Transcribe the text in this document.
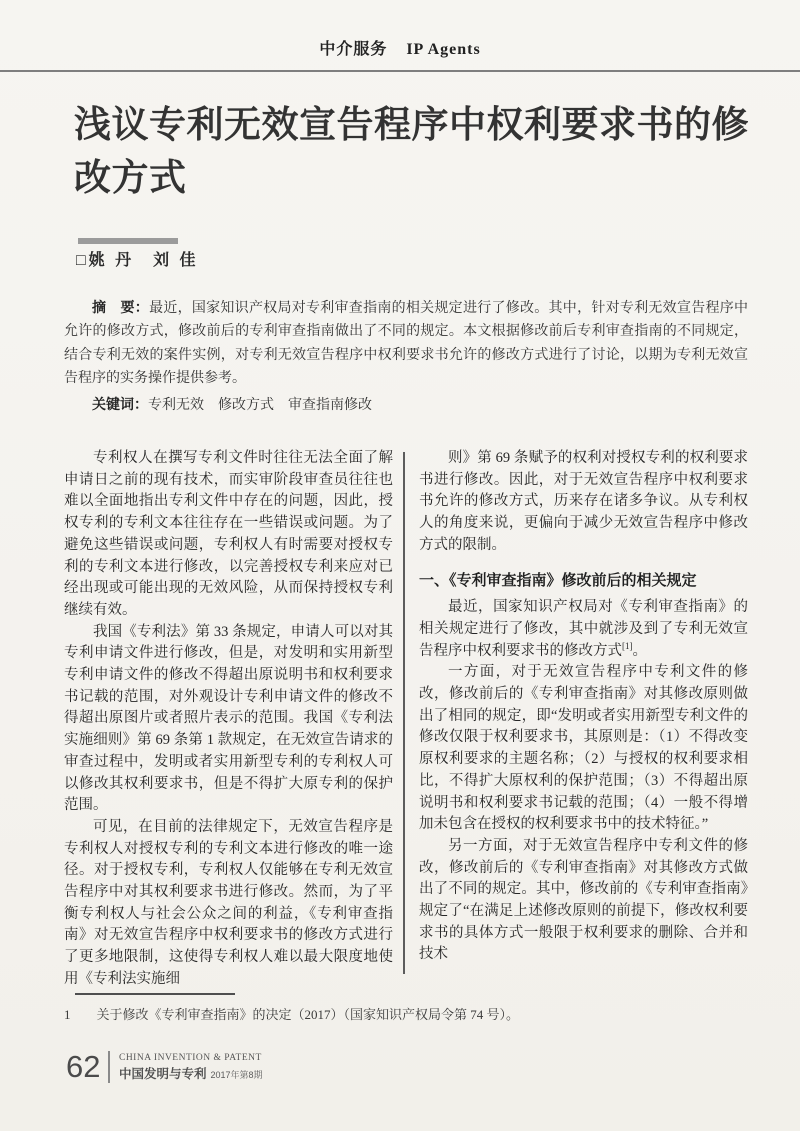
中介服务 IP Agents
浅议专利无效宣告程序中权利要求书的修改方式
□姚 丹　刘 佳

摘　要：最近，国家知识产权局对专利审查指南的相关规定进行了修改。其中，针对专利无效宣告程序中允许的修改方式，修改前后的专利审查指南做出了不同的规定。本文根据修改前后专利审查指南的不同规定，结合专利无效的案件实例，对专利无效宣告程序中权利要求书允许的修改方式进行了讨论，以期为专利无效宣告程序的实务操作提供参考。

关键词：专利无效　修改方式　审查指南修改

专利权人在撰写专利文件时往往无法全面了解申请日之前的现有技术，而实审阶段审查员往往也难以全面地指出专利文件中存在的问题，因此，授权专利的专利文本往往存在一些错误或问题。为了避免这些错误或问题，专利权人有时需要对授权专利的专利文本进行修改，以完善授权专利来应对已经出现或可能出现的无效风险，从而保持授权专利继续有效。

我国《专利法》第 33 条规定，申请人可以对其专利申请文件进行修改，但是，对发明和实用新型专利申请文件的修改不得超出原说明书和权利要求书记载的范围，对外观设计专利申请文件的修改不得超出原图片或者照片表示的范围。我国《专利法实施细则》第 69 条第 1 款规定，在无效宣告请求的审查过程中，发明或者实用新型专利的专利权人可以修改其权利要求书，但是不得扩大原专利的保护范围。

可见，在目前的法律规定下，无效宣告程序是专利权人对授权专利的专利文本进行修改的唯一途径。对于授权专利，专利权人仅能够在专利无效宣告程序中对其权利要求书进行修改。然而，为了平衡专利权人与社会公众之间的利益，《专利审查指南》对无效宣告程序中权利要求书的修改方式进行了更多地限制，这使得专利权人难以最大限度地使用《专利法实施细

则》第 69 条赋予的权利对授权专利的权利要求书进行修改。因此，对于无效宣告程序中权利要求书允许的修改方式，历来存在诸多争议。从专利权人的角度来说，更偏向于减少无效宣告程序中修改方式的限制。

一、《专利审查指南》修改前后的相关规定

最近，国家知识产权局对《专利审查指南》的相关规定进行了修改，其中就涉及到了专利无效宣告程序中权利要求书的修改方式[1]。

一方面，对于无效宣告程序中专利文件的修改，修改前后的《专利审查指南》对其修改原则做出了相同的规定，即“发明或者实用新型专利文件的修改仅限于权利要求书，其原则是：（1）不得改变原权利要求的主题名称；（2）与授权的权利要求相比，不得扩大原权利的保护范围；（3）不得超出原说明书和权利要求书记载的范围；（4）一般不得增加未包含在授权的权利要求书中的技术特征。”

另一方面，对于无效宣告程序中专利文件的修改，修改前后的《专利审查指南》对其修改方式做出了不同的规定。其中，修改前的《专利审查指南》规定了“在满足上述修改原则的前提下，修改权利要求书的具体方式一般限于权利要求的删除、合并和技术

1 关于修改《专利审查指南》的决定（2017）（国家知识产权局令第 74 号）。
62 CHINA INVENTION & PATENT
中国发明与专利 2017年第8期
